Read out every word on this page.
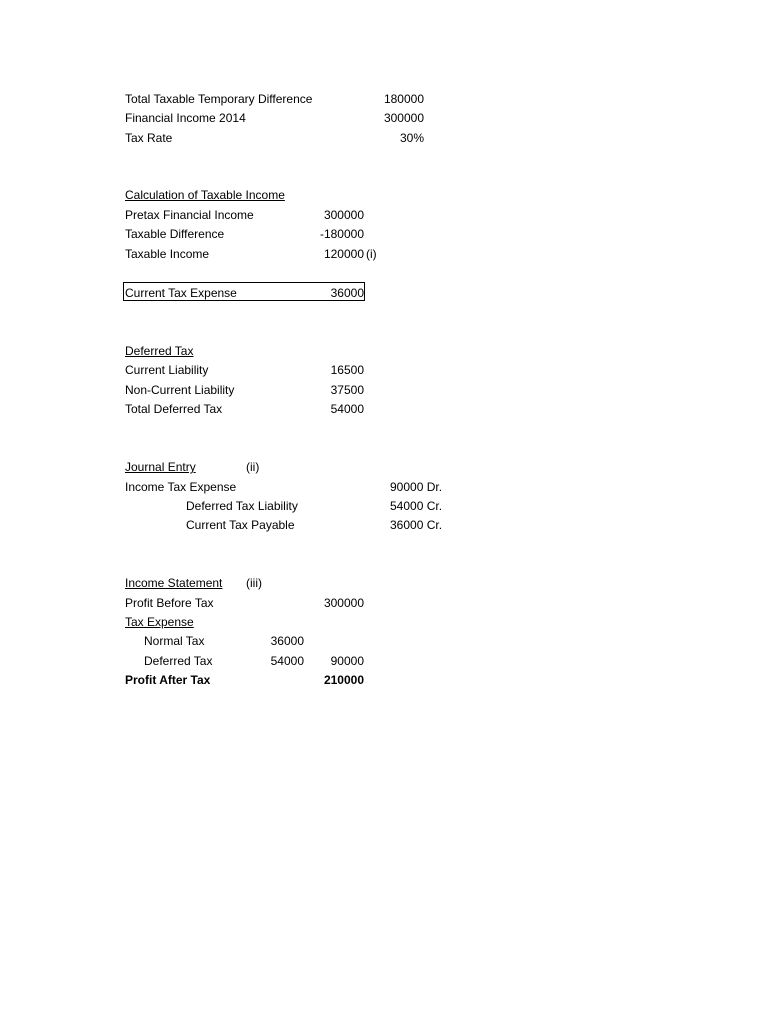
Total Taxable Temporary Difference	180000
Financial Income 2014	300000
Tax Rate	30%
Calculation of Taxable Income
Pretax Financial Income	300000
Taxable Difference	-180000
Taxable Income	120000 (i)
Current Tax Expense	36000
Deferred Tax
Current Liability	16500
Non-Current Liability	37500
Total Deferred Tax	54000
Journal Entry	(ii)
Income Tax Expense	90000 Dr.
Deferred Tax Liability	54000 Cr.
Current Tax Payable	36000 Cr.
Income Statement (iii)
Profit Before Tax	300000
Tax Expense
Normal Tax	36000
Deferred Tax	54000	90000
Profit After Tax	210000
